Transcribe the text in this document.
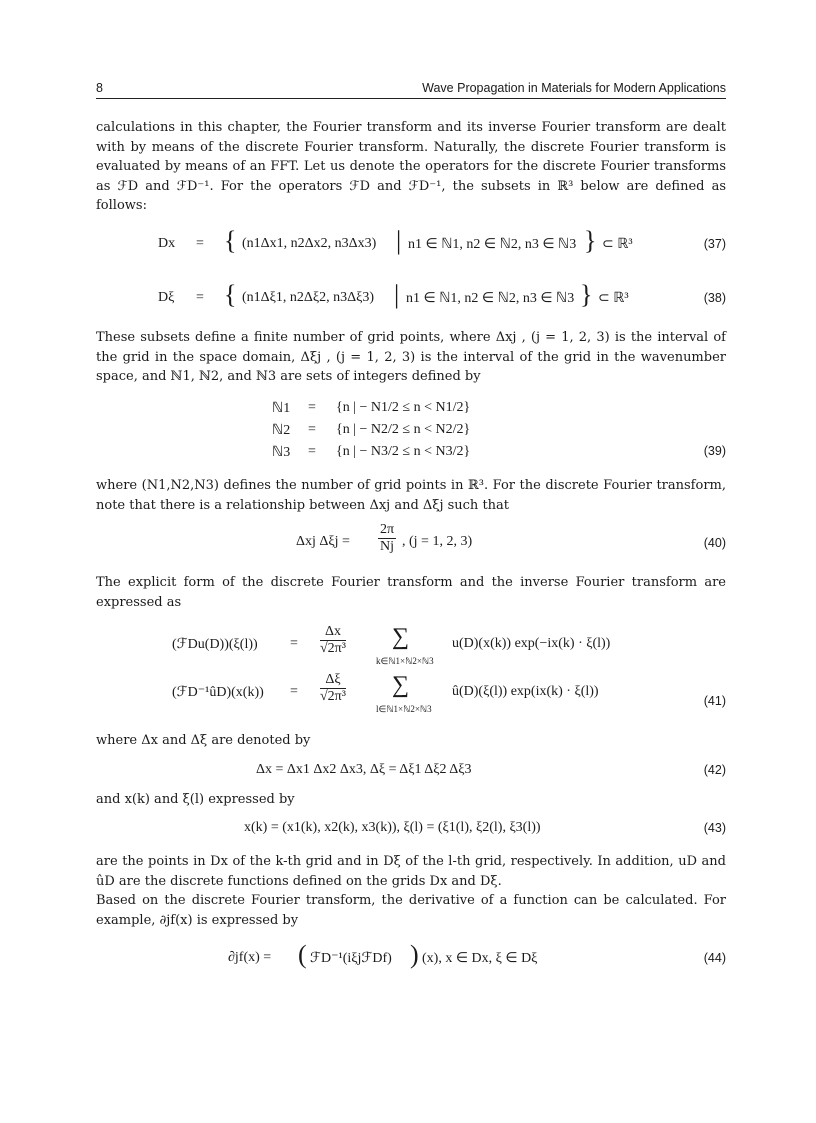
8	Wave Propagation in Materials for Modern Applications
calculations in this chapter, the Fourier transform and its inverse Fourier transform are dealt with by means of the discrete Fourier transform. Naturally, the discrete Fourier transform is evaluated by means of an FFT. Let us denote the operators for the discrete Fourier transforms as ℱD and ℱD⁻¹. For the operators ℱD and ℱD⁻¹, the subsets in ℝ³ below are defined as follows:
Dx = { (n1Δx1, n2Δx2, n3Δx3) | n1 ∈ ℕ1, n2 ∈ ℕ2, n3 ∈ ℕ3 } ⊂ ℝ³	(37)
Dξ = { (n1Δξ1, n2Δξ2, n3Δξ3) | n1 ∈ ℕ1, n2 ∈ ℕ2, n3 ∈ ℕ3 } ⊂ ℝ³	(38)
These subsets define a finite number of grid points, where Δxj , (j = 1, 2, 3) is the interval of the grid in the space domain, Δξj , (j = 1, 2, 3) is the interval of the grid in the wavenumber space, and ℕ1, ℕ2, and ℕ3 are sets of integers defined by
ℕ1 = {n | − N1/2 ≤ n < N1/2}
ℕ2 = {n | − N2/2 ≤ n < N2/2}
ℕ3 = {n | − N3/2 ≤ n < N3/2}	(39)
where (N1,N2,N3) defines the number of grid points in ℝ³. For the discrete Fourier transform, note that there is a relationship between Δxj and Δξj such that
Δxj $\Delta\xi j = \frac{2\pi}{Nj}$ , (j = 1, 2, 3)	(40)
The explicit form of the discrete Fourier transform and the inverse Fourier transform are expressed as
(ℱDu(D))(ξ(l)) = $\frac{\Delta x}{\text{√2π³}}$ ∑
k∈ℕ1×ℕ2×ℕ3
u(D)(x(k)) exp(−ix(k) · ξ(l))
(ℱD⁻¹ûD)(x(k)) = $\frac{\Delta\xi}{\text{√2π³}}$ ∑
l∈ℕ1×ℕ2×ℕ3
û(D)(ξ(l)) exp(ix(k) · ξ(l))
(41)
where Δx and Δξ are denoted by
Δx = Δx1 Δx2 Δx3, Δξ = Δξ1 Δξ2 Δξ3	(42)
and x(k) and ξ(l) expressed by
x(k) = (x1(k), x2(k), x3(k)), ξ(l) = (ξ1(l), ξ2(l), ξ3(l))	(43)
are the points in Dx of the k-th grid and in Dξ of the l-th grid, respectively. In addition, uD and ûD are the discrete functions defined on the grids Dx and Dξ.
Based on the discrete Fourier transform, the derivative of a function can be calculated. For example, ∂jf(x) is expressed by
∂jf(x) = ( ℱD⁻¹(iξjℱDf) ) (x), x ∈ Dx, ξ ∈ Dξ	(44)
